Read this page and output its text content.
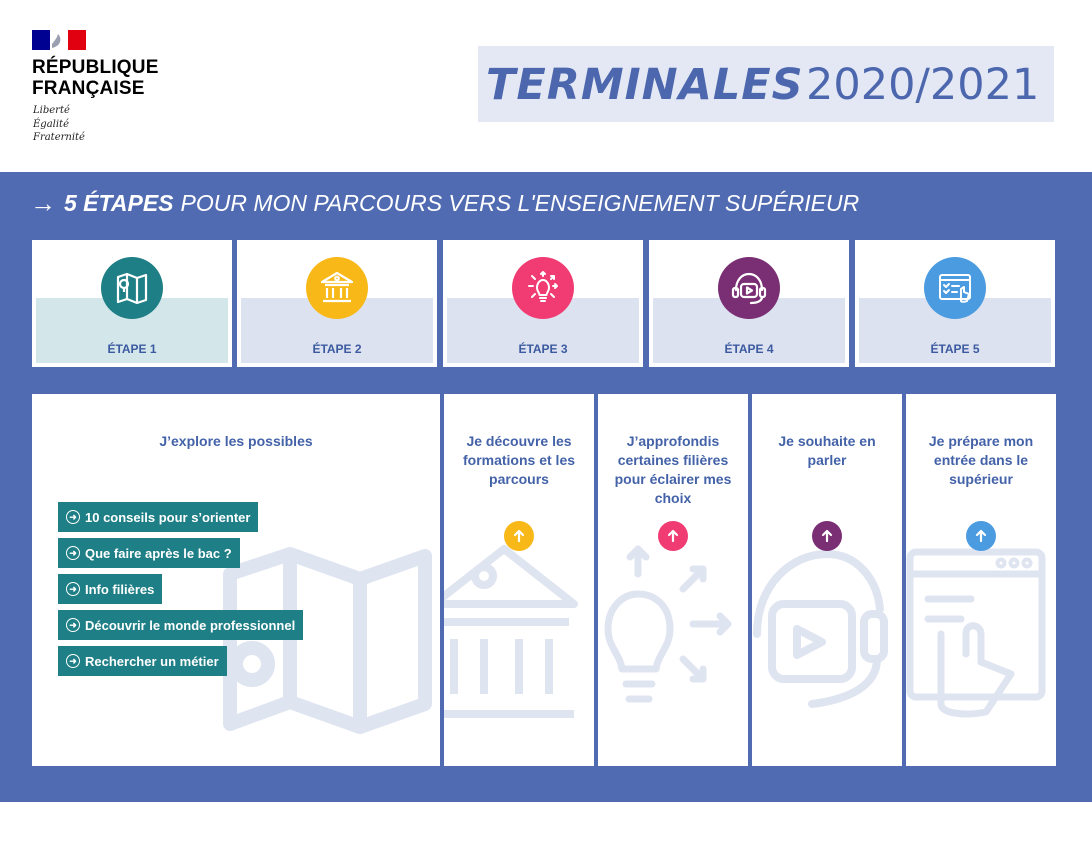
RÉPUBLIQUE
FRANÇAISE
Liberté
Égalité
Fraternité
TERMINALES 2020/2021
→ 5 ÉTAPES POUR MON PARCOURS VERS L'ENSEIGNEMENT SUPÉRIEUR
ÉTAPE 1	ÉTAPE 2	ÉTAPE 3	ÉTAPE 4	ÉTAPE 5
J’explore les possibles	Je découvre les formations et les parcours
J’approfondis certaines filières pour éclairer mes choix
Je souhaite en parler
Je prépare mon entrée dans le supérieur
➜ 10 conseils pour s’orienter
➜ Que faire après le bac ?
➜ Info filières
➜ Découvrir le monde professionnel
➜ Rechercher un métier
